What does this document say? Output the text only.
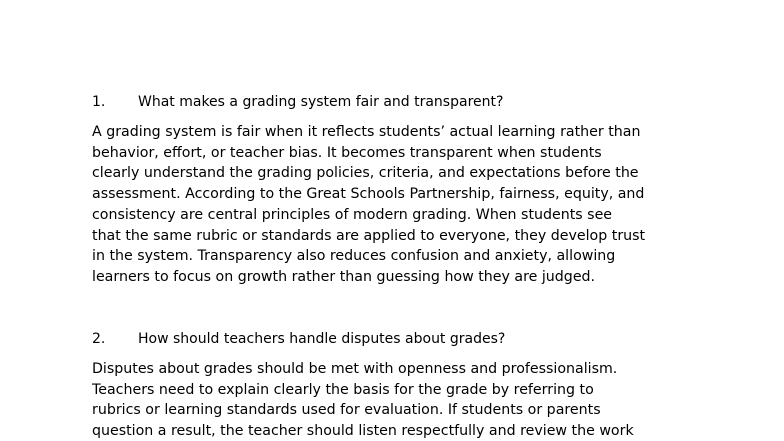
1. What makes a grading system fair and transparent?
A grading system is fair when it reflects students’ actual learning rather than
behavior, effort, or teacher bias. It becomes transparent when students
clearly understand the grading policies, criteria, and expectations before the
assessment. According to the Great Schools Partnership, fairness, equity, and
consistency are central principles of modern grading. When students see
that the same rubric or standards are applied to everyone, they develop trust
in the system. Transparency also reduces confusion and anxiety, allowing
learners to focus on growth rather than guessing how they are judged.
2. How should teachers handle disputes about grades?
Disputes about grades should be met with openness and professionalism.
Teachers need to explain clearly the basis for the grade by referring to
rubrics or learning standards used for evaluation. If students or parents
question a result, the teacher should listen respectfully and review the work
